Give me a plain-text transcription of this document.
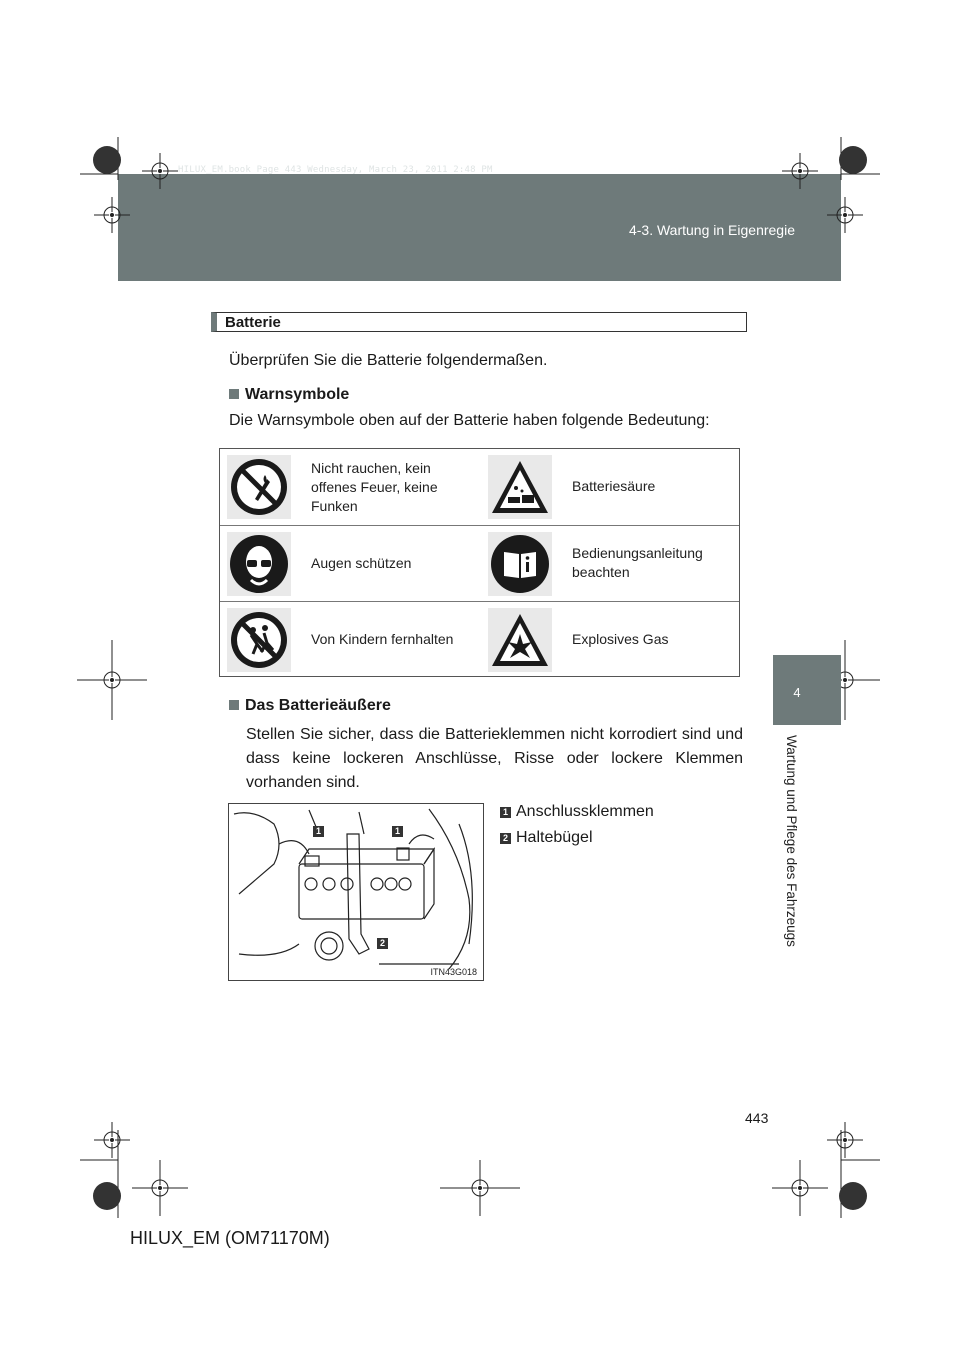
HILUX_EM.book Page 443 Wednesday, March 23, 2011 2:48 PM
4-3. Wartung in Eigenregie
4
Wartung und Pflege des Fahrzeugs
Batterie
Überprüfen Sie die Batterie folgendermaßen.
Warnsymbole
Die Warnsymbole oben auf der Batterie haben folgende Bedeutung:
Nicht rauchen, kein offenes Feuer, keine Funken
Batteriesäure
Augen schützen
Bedienungsanleitung beachten
Von Kindern fernhalten	Explosives Gas
Das Batterieäußere
Stellen Sie sicher, dass die Batterieklemmen nicht korrodiert sind und dass keine lockeren Anschlüsse, Risse oder lockere Klemmen vorhanden sind.
1	1
2
ITN43G018
1 Anschlussklemmen
2 Haltebügel
443
HILUX_EM (OM71170M)
